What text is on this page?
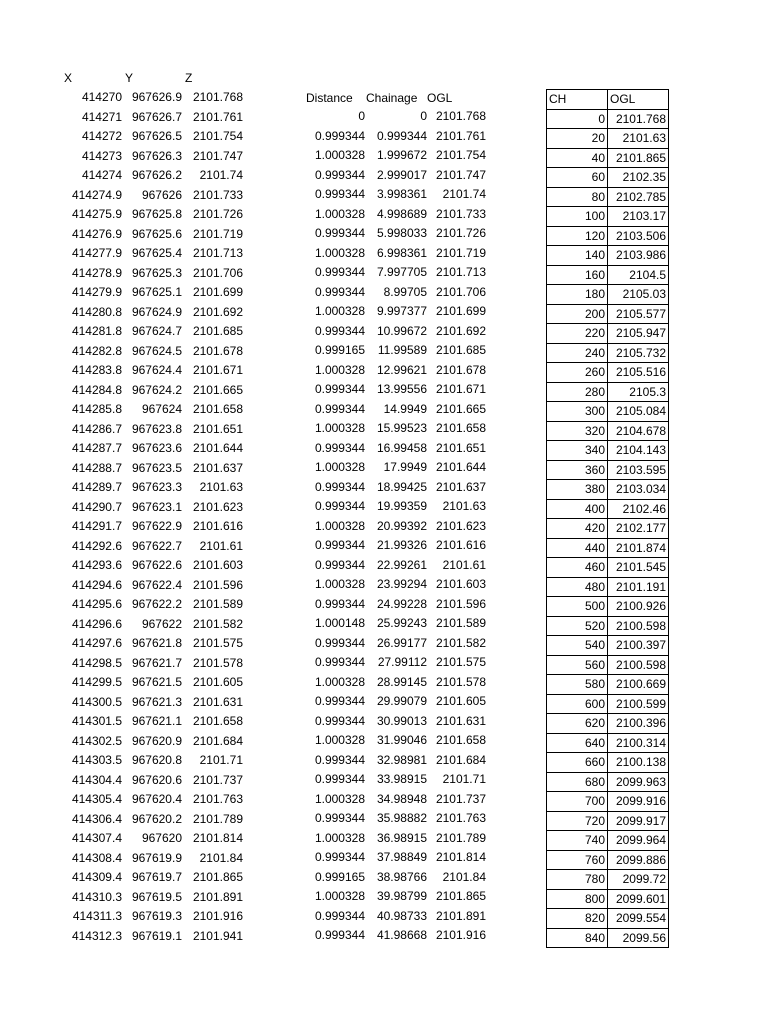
X	Y	Z
Distance Chainage OGL
414270 967626.9 2101.768
414271 967626.7 2101.761
414272 967626.5 2101.754
414273 967626.3 2101.747
414274 967626.2	2101.74
414274.9	967626 2101.733
414275.9 967625.8 2101.726
414276.9 967625.6 2101.719
414277.9 967625.4 2101.713
414278.9 967625.3 2101.706
414279.9 967625.1 2101.699
414280.8 967624.9 2101.692
414281.8 967624.7 2101.685
414282.8 967624.5 2101.678
414283.8 967624.4 2101.671
414284.8 967624.2 2101.665
414285.8	967624 2101.658
414286.7 967623.8 2101.651
414287.7 967623.6 2101.644
414288.7 967623.5 2101.637
414289.7 967623.3	2101.63
414290.7 967623.1 2101.623
414291.7 967622.9 2101.616
414292.6 967622.7	2101.61
414293.6 967622.6 2101.603
414294.6 967622.4 2101.596
414295.6 967622.2 2101.589
414296.6	967622 2101.582
414297.6 967621.8 2101.575
414298.5 967621.7 2101.578
414299.5 967621.5 2101.605
414300.5 967621.3 2101.631
414301.5 967621.1 2101.658
414302.5 967620.9 2101.684
414303.5 967620.8	2101.71
414304.4 967620.6 2101.737
414305.4 967620.4 2101.763
414306.4 967620.2 2101.789
414307.4	967620 2101.814
414308.4 967619.9	2101.84
414309.4 967619.7 2101.865
414310.3 967619.5 2101.891
414311.3 967619.3 2101.916
414312.3 967619.1 2101.941
0	0 2101.768
0.999344 0.999344 2101.761
1.000328 1.999672 2101.754
0.999344 2.999017 2101.747
0.999344 3.998361	2101.74
1.000328 4.998689 2101.733
0.999344 5.998033 2101.726
1.000328 6.998361 2101.719
0.999344 7.997705 2101.713
0.999344	8.99705 2101.706
1.000328 9.997377 2101.699
0.999344 10.99672 2101.692
0.999165	11.99589 2101.685
1.000328 12.99621 2101.678
0.999344 13.99556 2101.671
0.999344	14.9949 2101.665
1.000328 15.99523 2101.658
0.999344 16.99458 2101.651
1.000328	17.9949 2101.644
0.999344 18.99425 2101.637
0.999344 19.99359	2101.63
1.000328 20.99392 2101.623
0.999344 21.99326 2101.616
0.999344 22.99261	2101.61
1.000328 23.99294 2101.603
0.999344 24.99228 2101.596
1.000148 25.99243 2101.589
0.999344 26.99177 2101.582
0.999344	27.99112 2101.575
1.000328 28.99145 2101.578
0.999344 29.99079 2101.605
0.999344 30.99013 2101.631
1.000328 31.99046 2101.658
0.999344 32.98981 2101.684
0.999344 33.98915	2101.71
1.000328 34.98948 2101.737
0.999344 35.98882 2101.763
1.000328 36.98915 2101.789
0.999344 37.98849 2101.814
0.999165 38.98766	2101.84
1.000328 39.98799 2101.865
0.999344 40.98733 2101.891
0.999344 41.98668 2101.916
CH	OGL
0	2101.768
20	2101.63
40	2101.865
60	2102.35
80	2102.785
100	2103.17
120	2103.506
140	2103.986
160	2104.5
180	2105.03
200	2105.577
220	2105.947
240	2105.732
260	2105.516
280	2105.3
300	2105.084
320	2104.678
340	2104.143
360	2103.595
380	2103.034
400	2102.46
420	2102.177
440	2101.874
460	2101.545
480	2101.191
500	2100.926
520	2100.598
540	2100.397
560	2100.598
580	2100.669
600	2100.599
620	2100.396
640	2100.314
660	2100.138
680	2099.963
700	2099.916
720	2099.917
740	2099.964
760	2099.886
780	2099.72
800	2099.601
820	2099.554
840	2099.56
